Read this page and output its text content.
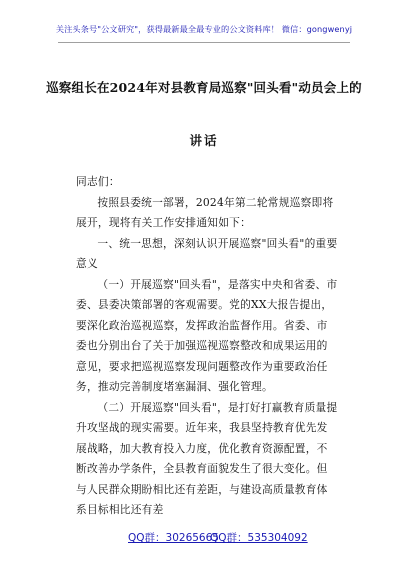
关注头条号"公文研究"，获得最新最全最专业的公文资料库！ 微信：gongwenyj
巡察组长在2024年对县教育局巡察"回头看"动员会上的
讲话

同志们：

按照县委统一部署，2024年第二轮常规巡察即将展开，现将有关工作安排通知如下：

一、统一思想，深刻认识开展巡察"回头看"的重要意义

（一）开展巡察"回头看"，是落实中央和省委、市委、县委决策部署的客观需要。党的XX大报告提出，要深化政治巡视巡察，发挥政治监督作用。省委、市委也分别出台了关于加强巡视巡察整改和成果运用的意见，要求把巡视巡察发现问题整改作为重要政治任务，推动完善制度堵塞漏洞、强化管理。

（二）开展巡察"回头看"，是打好打赢教育质量提升攻坚战的现实需要。近年来，我县坚持教育优先发展战略，加大教育投入力度，优化教育资源配置，不断改善办学条件，全县教育面貌发生了很大变化。但与人民群众期盼相比还有差距，与建设高质量教育体系目标相比还有差

QQ群：30265665
QQ群：535304092
